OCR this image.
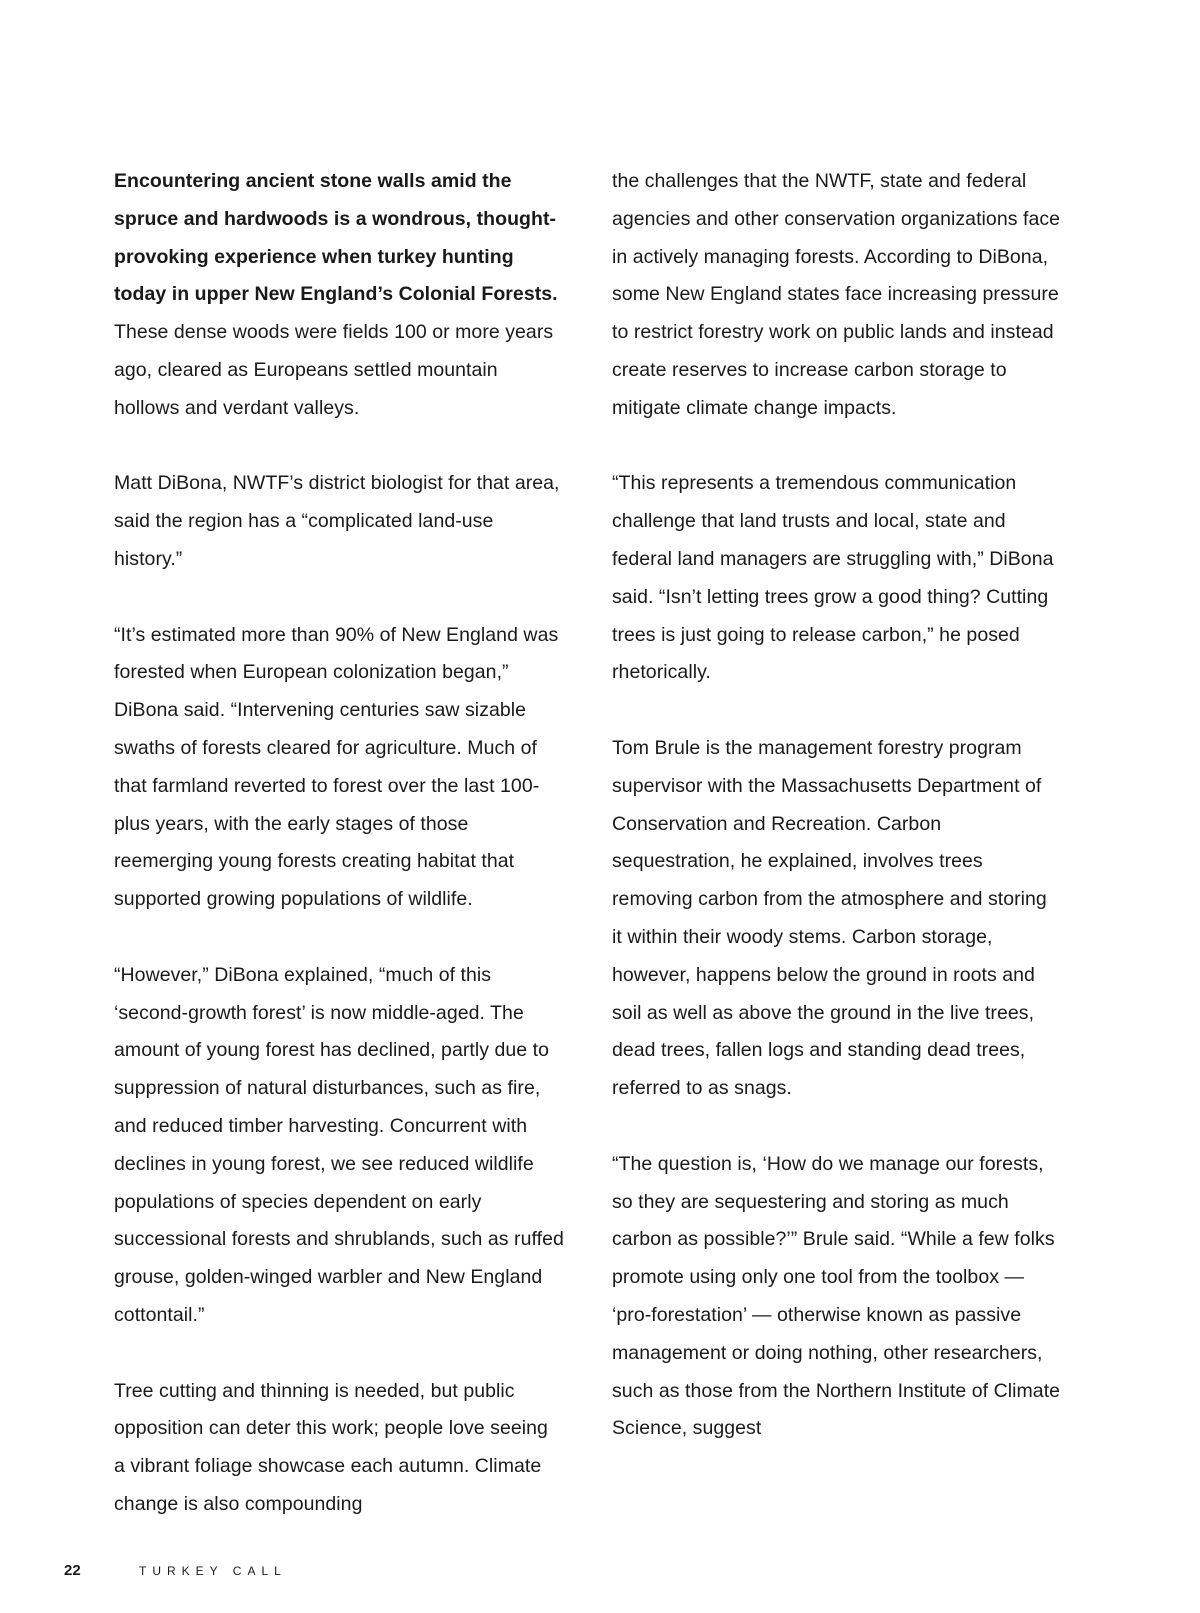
Encountering ancient stone walls amid the spruce and hardwoods is a wondrous, thought-provoking experience when turkey hunting today in upper New England’s Colonial Forests. These dense woods were fields 100 or more years ago, cleared as Europeans settled mountain hollows and verdant valleys.

Matt DiBona, NWTF’s district biologist for that area, said the region has a “complicated land-use history.”

“It’s estimated more than 90% of New England was forested when European colonization began,” DiBona said. “Intervening centuries saw sizable swaths of forests cleared for agriculture. Much of that farmland reverted to forest over the last 100-plus years, with the early stages of those reemerging young forests creating habitat that supported growing populations of wildlife.

“However,” DiBona explained, “much of this ‘second-growth forest’ is now middle-aged. The amount of young forest has declined, partly due to suppression of natural disturbances, such as fire, and reduced timber harvesting. Concurrent with declines in young forest, we see reduced wildlife populations of species dependent on early successional forests and shrublands, such as ruffed grouse, golden-winged warbler and New England cottontail.”

Tree cutting and thinning is needed, but public opposition can deter this work; people love seeing a vibrant foliage showcase each autumn. Climate change is also compounding

the challenges that the NWTF, state and federal agencies and other conservation organizations face in actively managing forests. According to DiBona, some New England states face increasing pressure to restrict forestry work on public lands and instead create reserves to increase carbon storage to mitigate climate change impacts.

“This represents a tremendous communication challenge that land trusts and local, state and federal land managers are struggling with,” DiBona said. “Isn’t letting trees grow a good thing? Cutting trees is just going to release carbon,” he posed rhetorically.

Tom Brule is the management forestry program supervisor with the Massachusetts Department of Conservation and Recreation. Carbon sequestration, he explained, involves trees removing carbon from the atmosphere and storing it within their woody stems. Carbon storage, however, happens below the ground in roots and soil as well as above the ground in the live trees, dead trees, fallen logs and standing dead trees, referred to as snags.

“The question is, ‘How do we manage our forests, so they are sequestering and storing as much carbon as possible?’” Brule said. “While a few folks promote using only one tool from the toolbox — ‘pro-forestation’ — otherwise known as passive management or doing nothing, other researchers, such as those from the Northern Institute of Climate Science, suggest

22	TURKEY CALL
